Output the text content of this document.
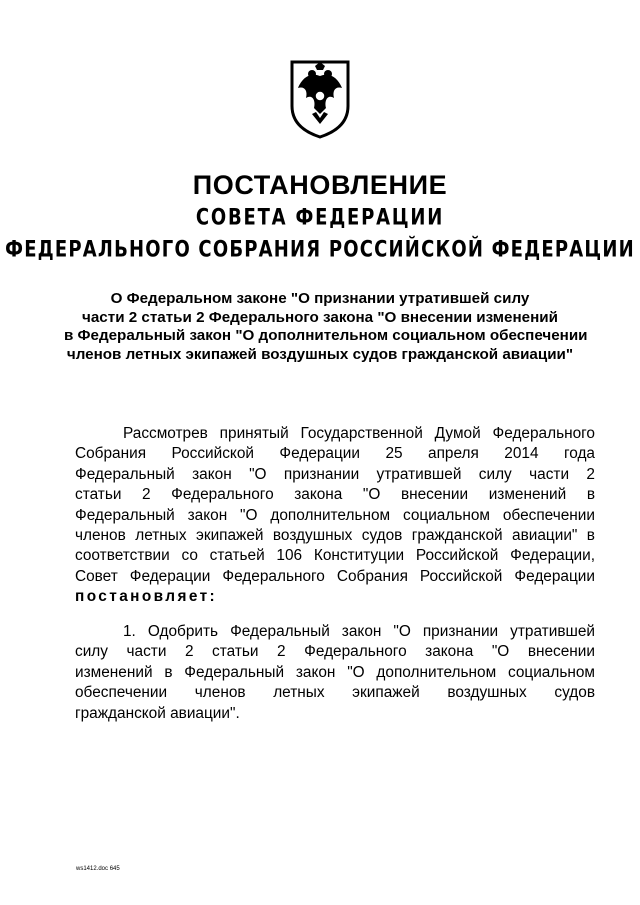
ПОСТАНОВЛЕНИЕ
СОВЕТА ФЕДЕРАЦИИ
ФЕДЕРАЛЬНОГО СОБРАНИЯ РОССИЙСКОЙ ФЕДЕРАЦИИ
О Федеральном законе "О признании утратившей силу
части 2 статьи 2 Федерального закона "О внесении изменений
в Федеральный закон "О дополнительном социальном обеспечении
членов летных экипажей воздушных судов гражданской авиации"
Рассмотрев принятый Государственной Думой Федерального
Собрания Российской Федерации 25 апреля 2014 года
Федеральный закон "О признании утратившей силу части 2
статьи 2 Федерального закона "О внесении изменений в
Федеральный закон "О дополнительном социальном обеспечении
членов летных экипажей воздушных судов гражданской авиации" в
соответствии со статьей 106 Конституции Российской Федерации,
Совет Федерации Федерального Собрания Российской Федерации
постановляет:
1. Одобрить Федеральный закон "О признании утратившей
силу части 2 статьи 2 Федерального закона "О внесении
изменений в Федеральный закон "О дополнительном социальном
обеспечении членов летных экипажей воздушных судов
гражданской авиации".
ws1412.doc 645
